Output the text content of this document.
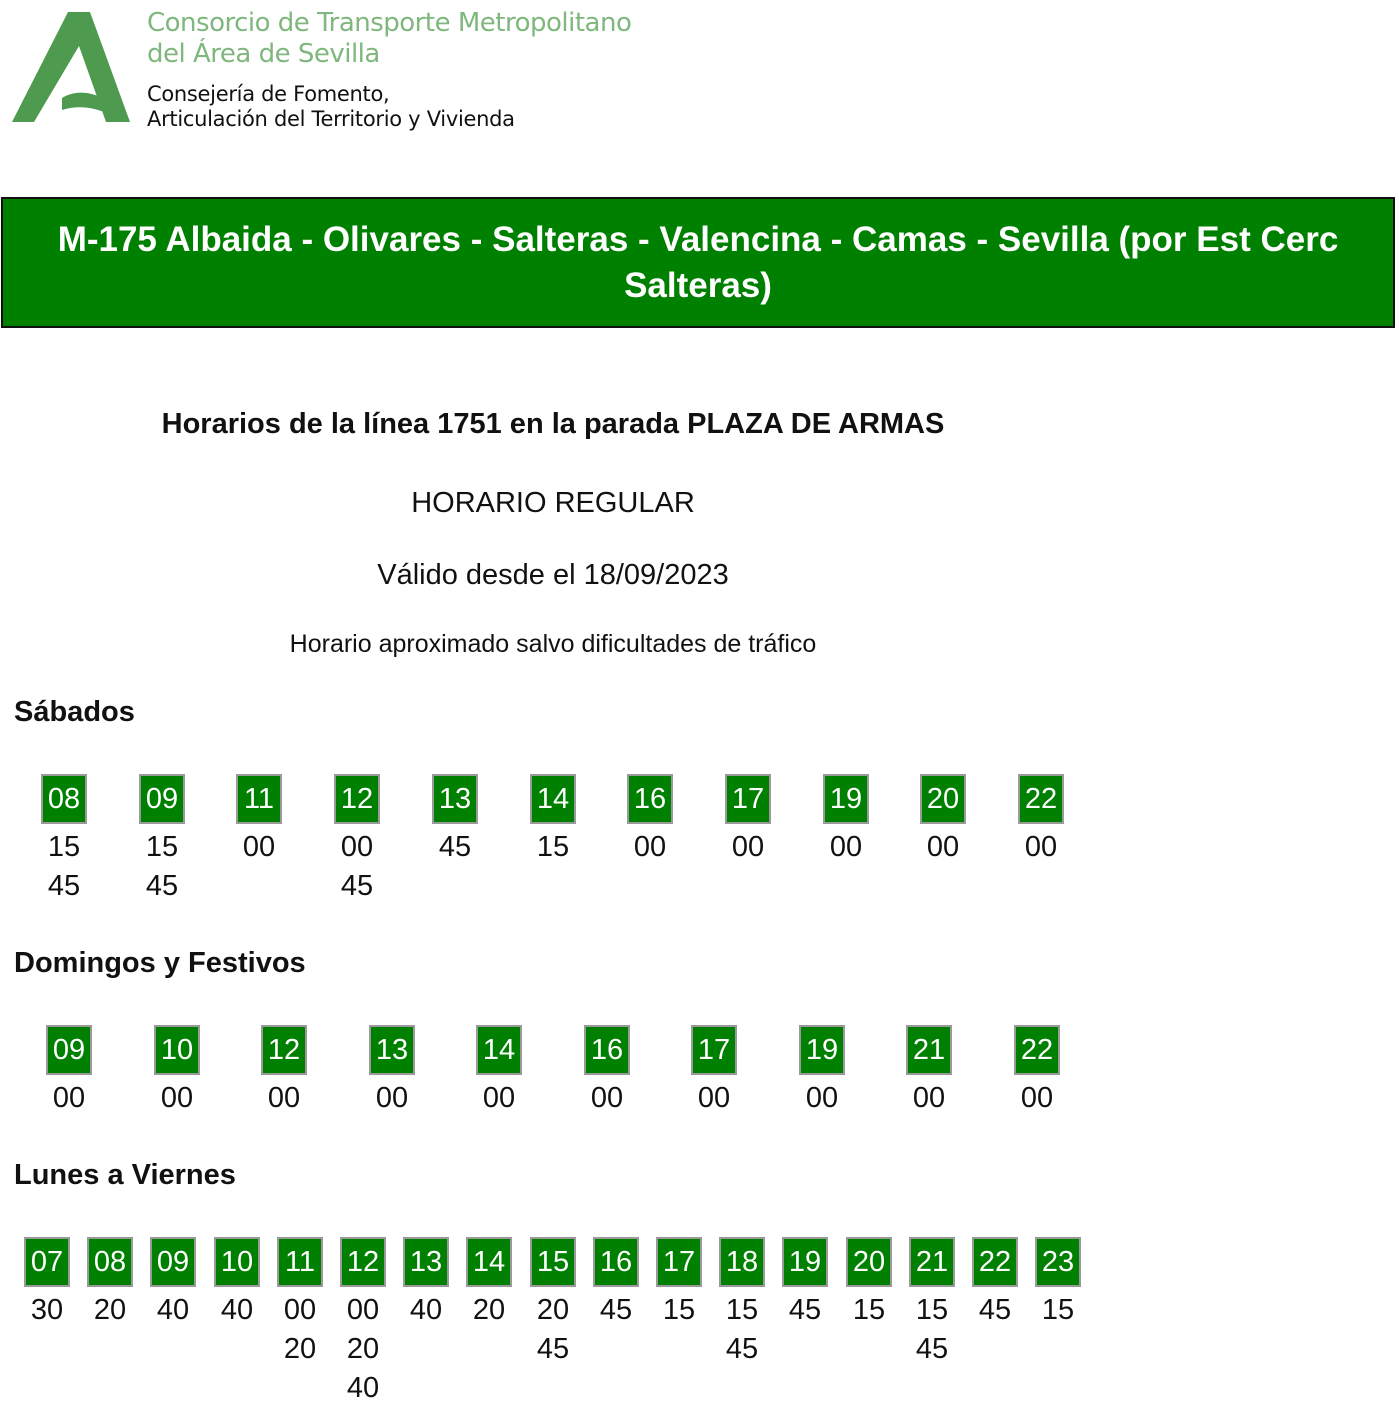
Consorcio de Transporte Metropolitano
del Área de Sevilla
Consejería de Fomento,
Articulación del Territorio y Vivienda
M-175 Albaida - Olivares - Salteras - Valencina - Camas - Sevilla (por Est Cerc
Salteras)
Horarios de la línea 1751 en la parada PLAZA DE ARMAS
HORARIO REGULAR
Válido desde el 18/09/2023
Horario aproximado salvo dificultades de tráfico
Sábados
08
15
45
09
15
45
11
00
12
00
45
13
45
14
15
16
00
17
00
19
00
20
00
22
00
Domingos y Festivos
09
00
10
00
12
00
13
00
14
00
16
00
17
00
19
00
21
00
22
00
Lunes a Viernes
07
30
08
20
09
40
10
40
11
00
20
12
00
20
40
13
40
14
20
15
20
45
16
45
17
15
18
15
45
19
45
20
15
21
15
45
22
45
23
15
